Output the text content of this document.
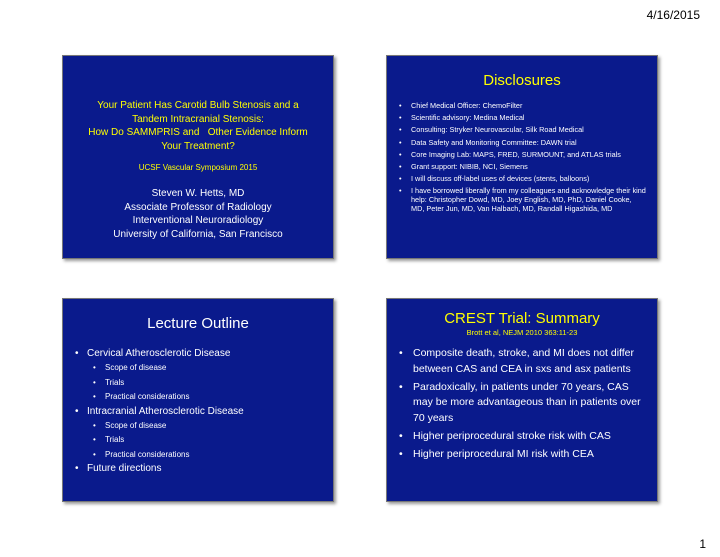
4/16/2015
Your Patient Has Carotid Bulb Stenosis and a
Tandem Intracranial Stenosis:
How Do SAMMPRIS and   Other Evidence Inform
Your Treatment?
UCSF Vascular Symposium 2015
Steven W. Hetts, MD
Associate Professor of Radiology
Interventional Neuroradiology
University of California, San Francisco
Disclosures
• Chief Medical Officer: ChemoFilter
• Scientific advisory: Medina Medical
• Consulting: Stryker Neurovascular, Silk Road Medical
• Data Safety and Monitoring Committee: DAWN trial
• Core Imaging Lab: MAPS, FRED, SURMOUNT, and ATLAS trials
• Grant support: NIBIB, NCI, Siemens
• I will discuss off-label uses of devices (stents, balloons)
• I have borrowed liberally from my colleagues and acknowledge their kind help: Christopher Dowd, MD, Joey English, MD, PhD, Daniel Cooke, MD, Peter Jun, MD, Van Halbach, MD, Randall Higashida, MD
Lecture Outline
• Cervical Atherosclerotic Disease
• Scope of disease
• Trials
• Practical considerations
• Intracranial Atherosclerotic Disease
• Scope of disease
• Trials
• Practical considerations
• Future directions
CREST Trial: Summary
Brott et al, NEJM 2010 363:11-23
• Composite death, stroke, and MI does not differ between CAS and CEA in sxs and asx patients
• Paradoxically, in patients under 70 years, CAS may be more advantageous than in patients over 70 years
• Higher periprocedural stroke risk with CAS
• Higher periprocedural MI risk with CEA
1
